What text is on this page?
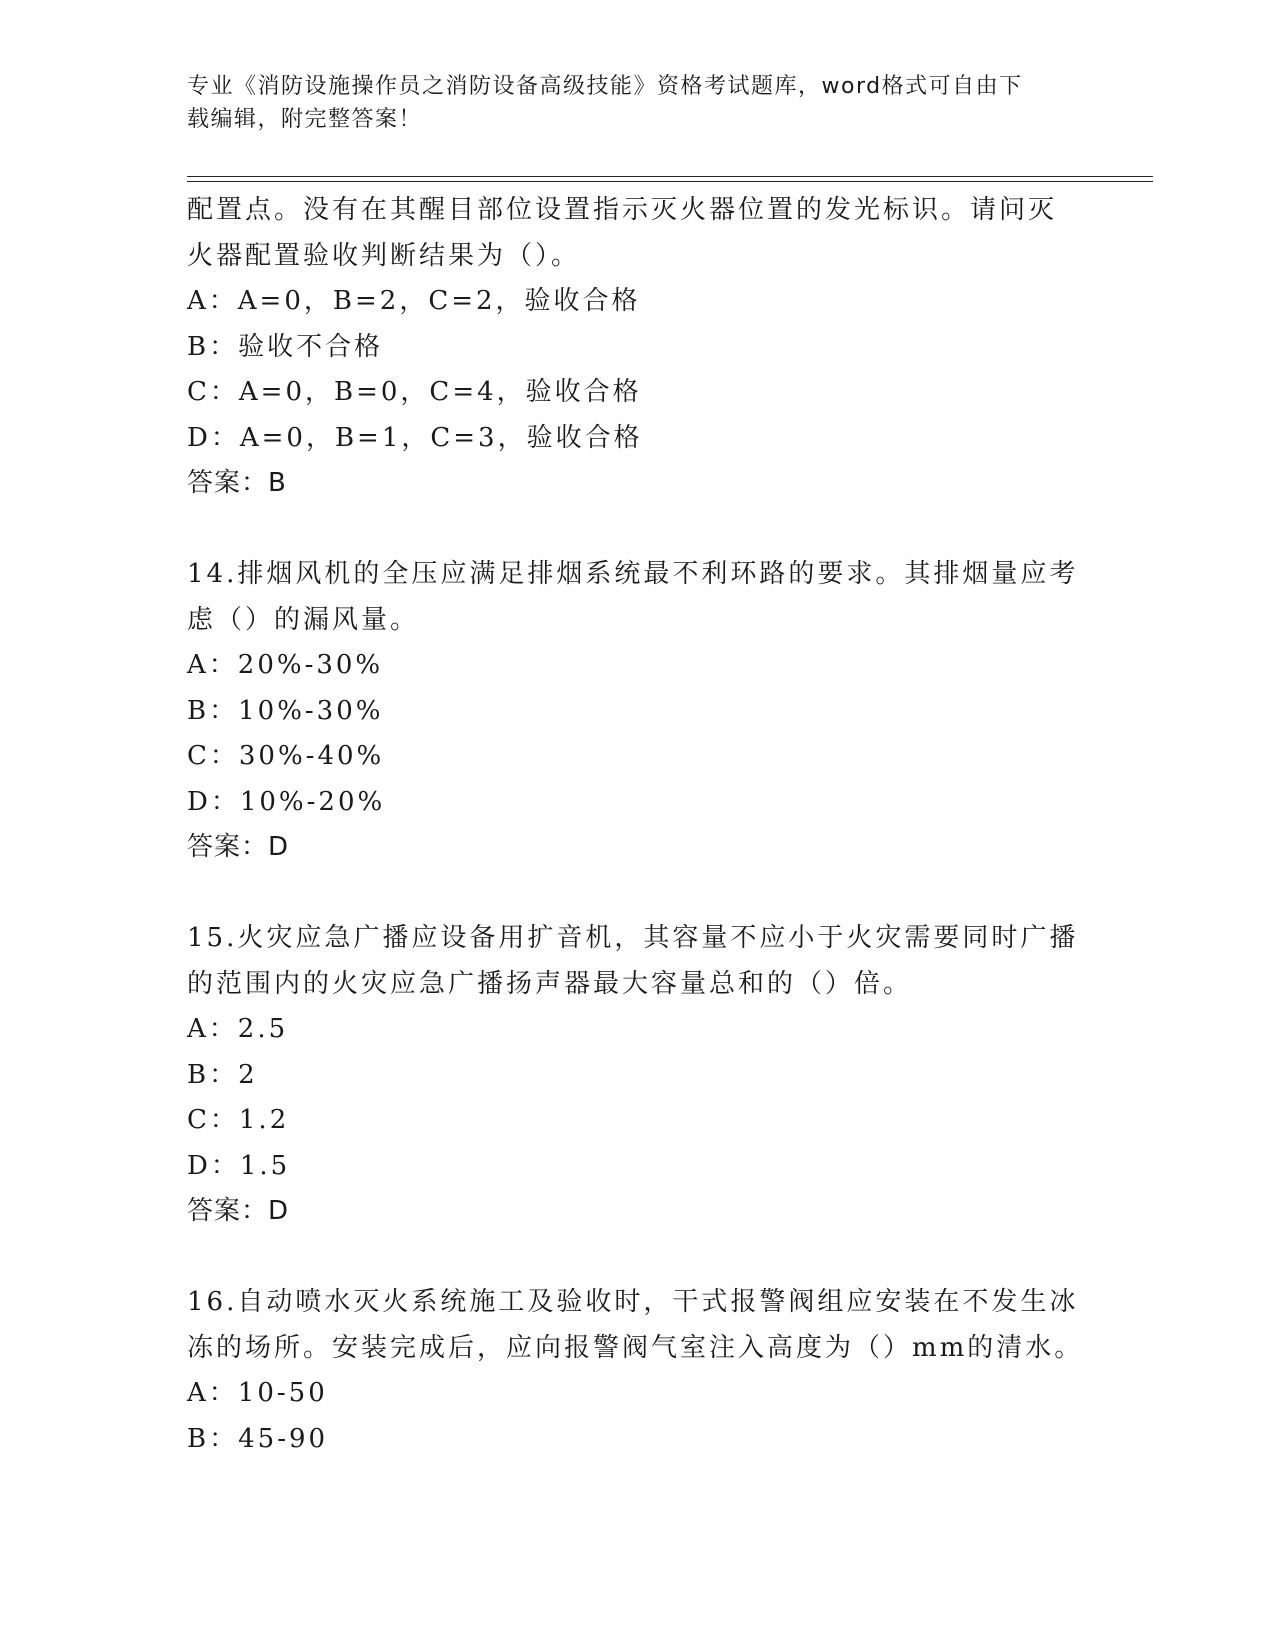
专业《消防设施操作员之消防设备高级技能》资格考试题库，word格式可自由下
载编辑，附完整答案！
配置点。没有在其醒目部位设置指示灭火器位置的发光标识。请问灭
火器配置验收判断结果为（）。
A：A=0，B=2，C=2，验收合格
B：验收不合格
C：A=0，B=0，C=4，验收合格
D：A=0，B=1，C=3，验收合格
答案：B
14.排烟风机的全压应满足排烟系统最不利环路的要求。其排烟量应考
虑（）的漏风量。
A：20%-30%
B：10%-30%
C：30%-40%
D：10%-20%
答案：D
15.火灾应急广播应设备用扩音机，其容量不应小于火灾需要同时广播
的范围内的火灾应急广播扬声器最大容量总和的（）倍。
A：2.5
B：2
C：1.2
D：1.5
答案：D
16.自动喷水灭火系统施工及验收时，干式报警阀组应安装在不发生冰
冻的场所。安装完成后，应向报警阀气室注入高度为（）mm的清水。
A：10-50
B：45-90
